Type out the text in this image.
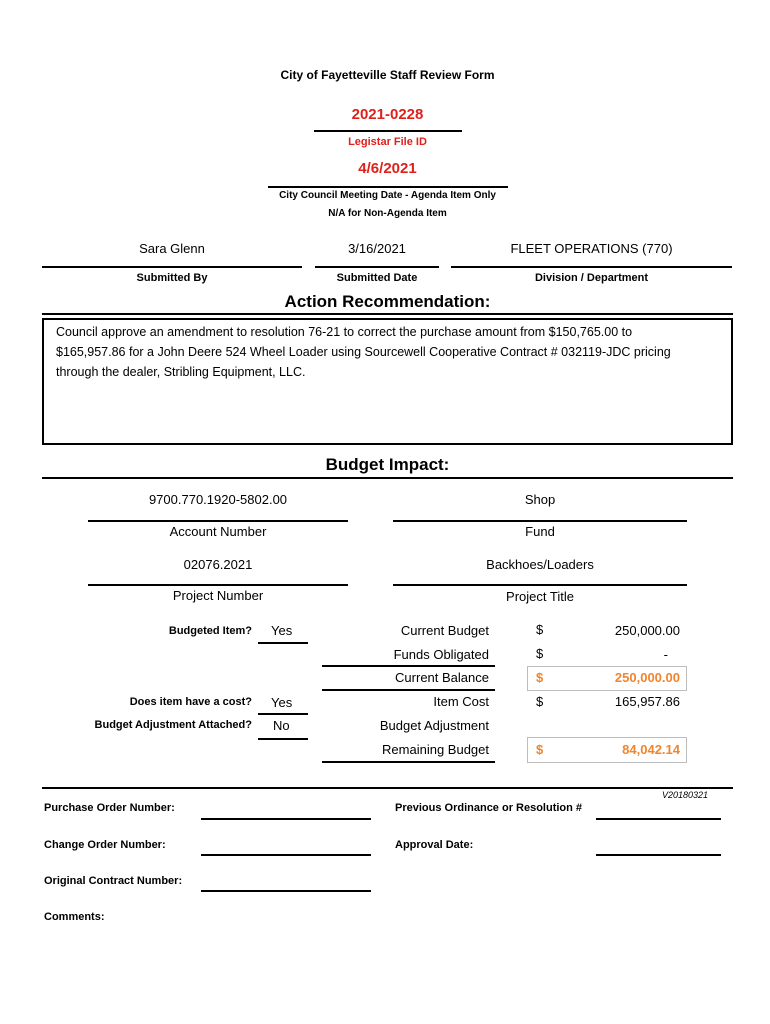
City of Fayetteville Staff Review Form
2021-0228
Legistar File ID
4/6/2021
City Council Meeting Date - Agenda Item Only
N/A for Non-Agenda Item
Sara Glenn
Submitted By
3/16/2021
Submitted Date
FLEET OPERATIONS (770)
Division / Department
Action Recommendation:
Council approve an amendment to resolution 76-21 to correct the purchase amount from $150,765.00 to
$165,957.86 for a John Deere 524 Wheel Loader using Sourcewell Cooperative Contract # 032119-JDC pricing
through the dealer, Stribling Equipment, LLC.
Budget Impact:
9700.770.1920-5802.00
Account Number
Shop
Fund
02076.2021
Project Number
Backhoes/Loaders
Project Title
Budgeted Item? Yes
Does item have a cost? Yes
Budget Adjustment Attached? No
Current Budget	$	250,000.00
Funds Obligated	$	-
Current Balance	$	250,000.00
Item Cost	$	165,957.86
Budget Adjustment
Remaining Budget	$	84,042.14
V20180321
Purchase Order Number:	Previous Ordinance or Resolution #
Change Order Number:	Approval Date:
Original Contract Number:
Comments:
